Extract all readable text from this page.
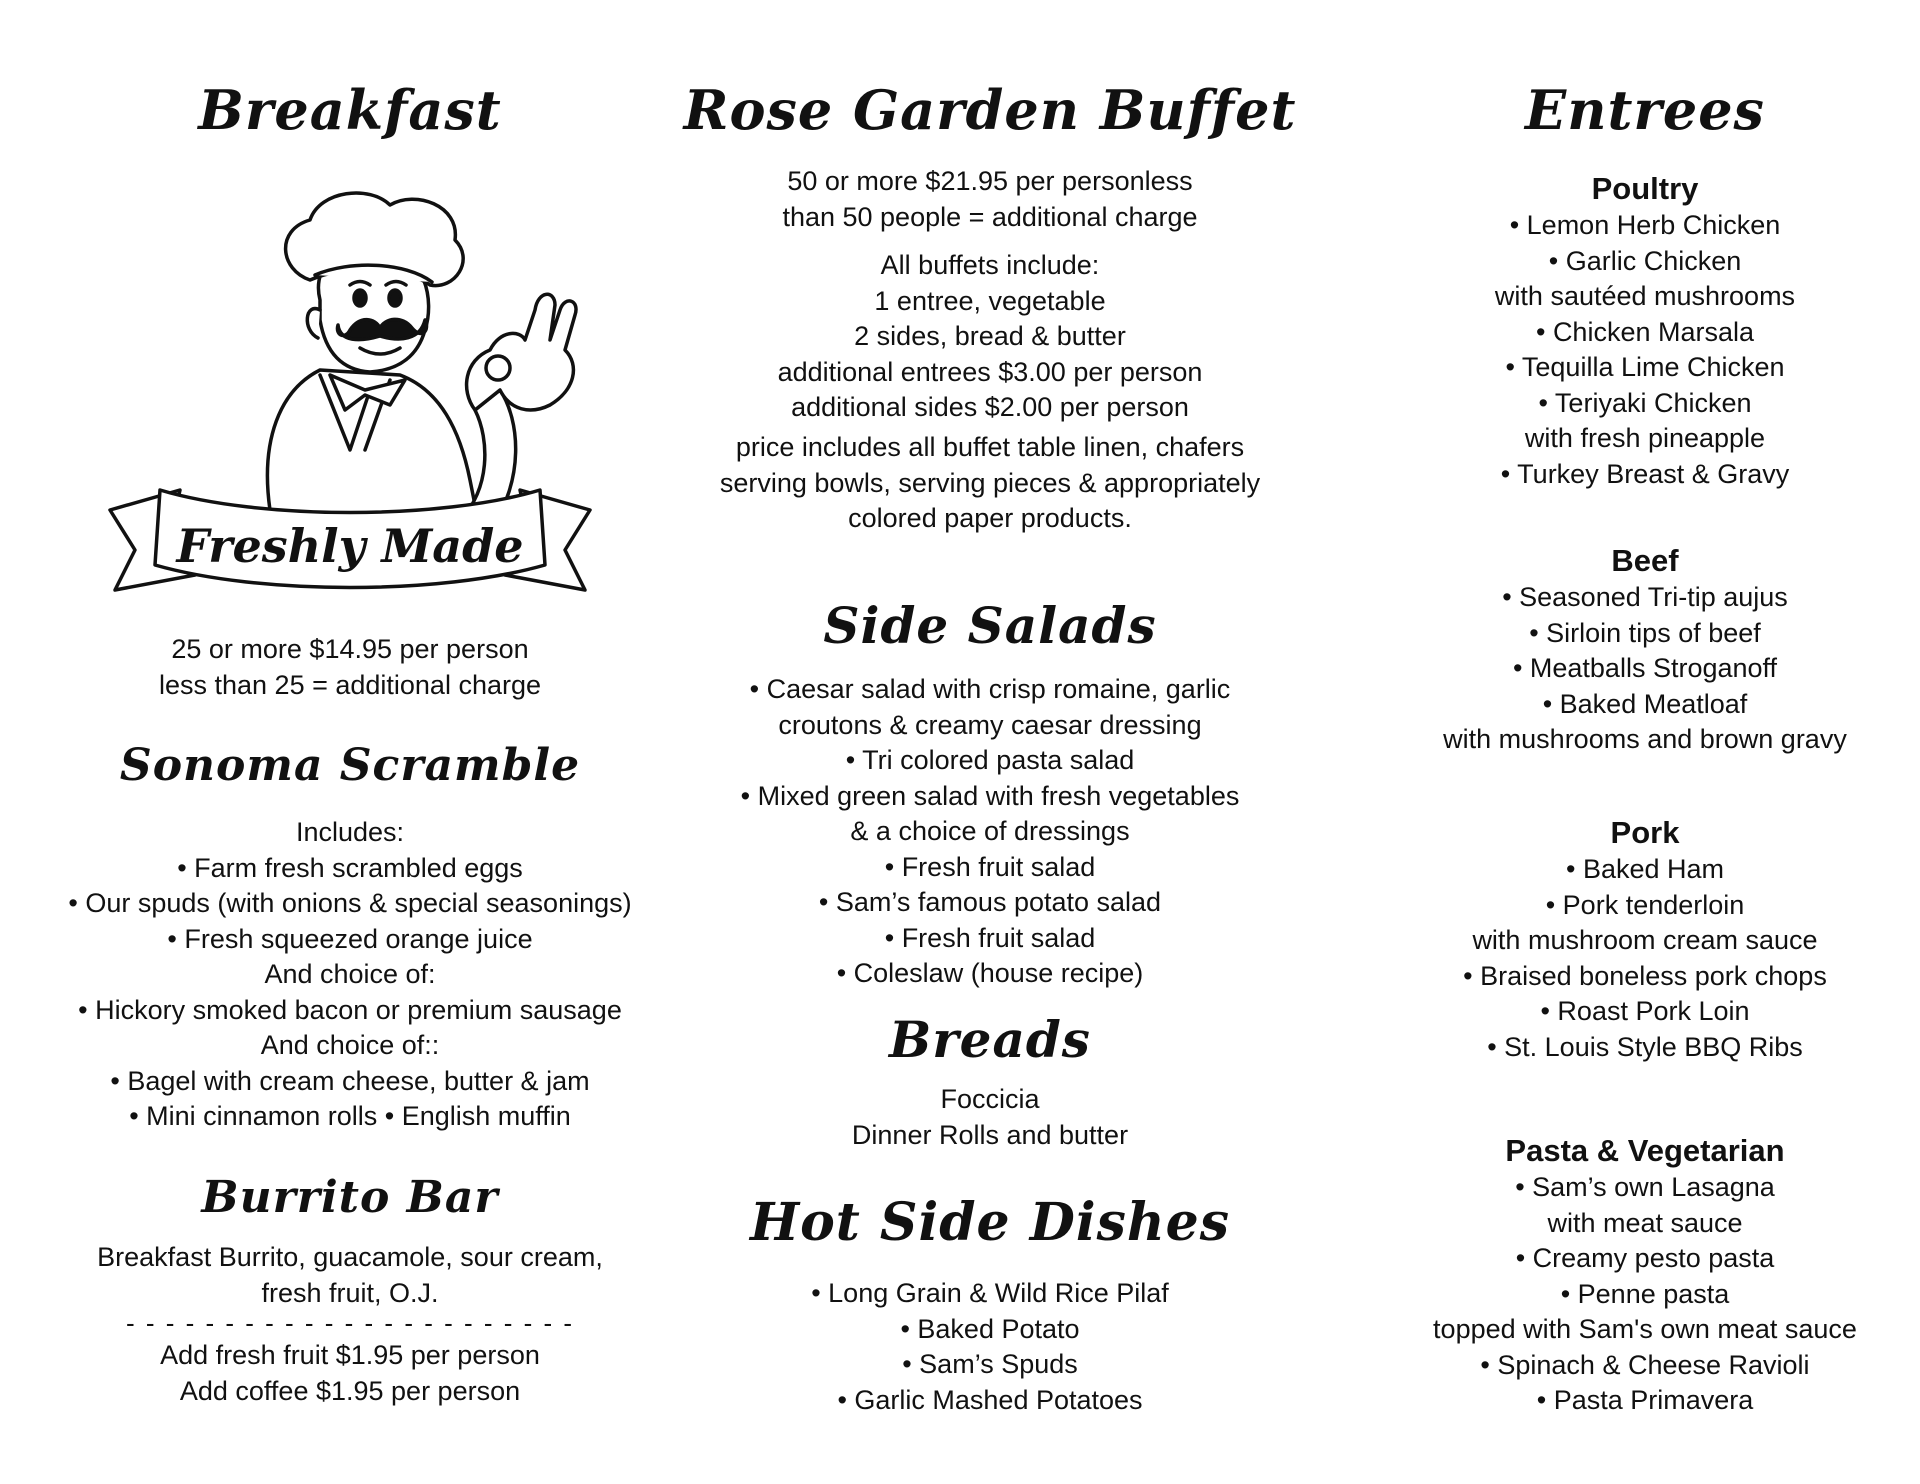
Breakfast
Freshly Made

25 or more $14.95 per person

less than 25 = additional charge

Sonoma Scramble

Includes:

• Farm fresh scrambled eggs

• Our spuds (with onions & special seasonings)

• Fresh squeezed orange juice

And choice of:

• Hickory smoked bacon or premium sausage

And choice of::

• Bagel with cream cheese, butter & jam

• Mini cinnamon rolls • English muffin

Burrito Bar

Breakfast Burrito, guacamole, sour cream,

fresh fruit, O.J.

- - - - - - - - - - - - - - - - - - - - - - -

Add fresh fruit $1.95 per person

Add coffee $1.95 per person

Rose Garden Buffet

50 or more $21.95 per personless

than 50 people = additional charge

All buffets include:

1 entree, vegetable

2 sides, bread & butter

additional entrees $3.00 per person

additional sides $2.00 per person

price includes all buffet table linen, chafers

serving bowls, serving pieces & appropriately

colored paper products.

Side Salads

• Caesar salad with crisp romaine, garlic

croutons & creamy caesar dressing

• Tri colored pasta salad

• Mixed green salad with fresh vegetables

& a choice of dressings

• Fresh fruit salad

• Sam’s famous potato salad

• Fresh fruit salad

• Coleslaw (house recipe)

Breads

Foccicia

Dinner Rolls and butter

Hot Side Dishes

• Long Grain & Wild Rice Pilaf

• Baked Potato

• Sam’s Spuds

• Garlic Mashed Potatoes

Entrees

Poultry

• Lemon Herb Chicken

• Garlic Chicken

with sautéed mushrooms

• Chicken Marsala

• Tequilla Lime Chicken

• Teriyaki Chicken

with fresh pineapple

• Turkey Breast & Gravy

Beef

• Seasoned Tri-tip aujus

• Sirloin tips of beef

• Meatballs Stroganoff

• Baked Meatloaf

with mushrooms and brown gravy

Pork

• Baked Ham

• Pork tenderloin

with mushroom cream sauce

• Braised boneless pork chops

• Roast Pork Loin

• St. Louis Style BBQ Ribs

Pasta & Vegetarian

• Sam’s own Lasagna

with meat sauce

• Creamy pesto pasta

• Penne pasta

topped with Sam's own meat sauce

• Spinach & Cheese Ravioli

• Pasta Primavera
